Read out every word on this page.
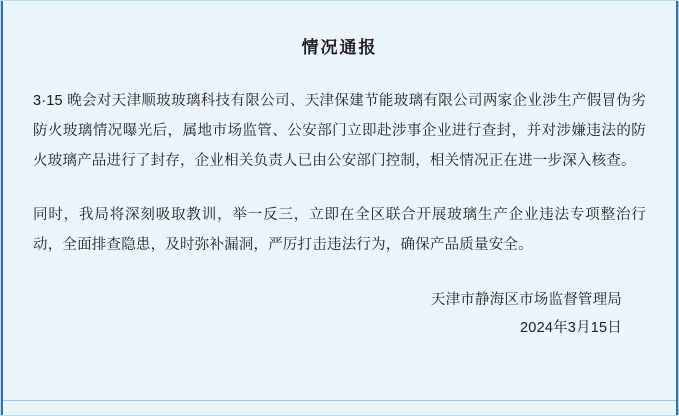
情况通报
3·15 晚会对天津顺玻玻璃科技有限公司、天津保建节能玻璃有限公司两家企业涉生产假冒伪劣防火玻璃情况曝光后，属地市场监管、公安部门立即赴涉事企业进行查封，并对涉嫌违法的防火玻璃产品进行了封存，企业相关负责人已由公安部门控制，相关情况正在进一步深入核查。
同时，我局将深刻吸取教训，举一反三，立即在全区联合开展玻璃生产企业违法专项整治行动，全面排查隐患，及时弥补漏洞，严厉打击违法行为，确保产品质量安全。
天津市静海区市场监督管理局
2024年3月15日
